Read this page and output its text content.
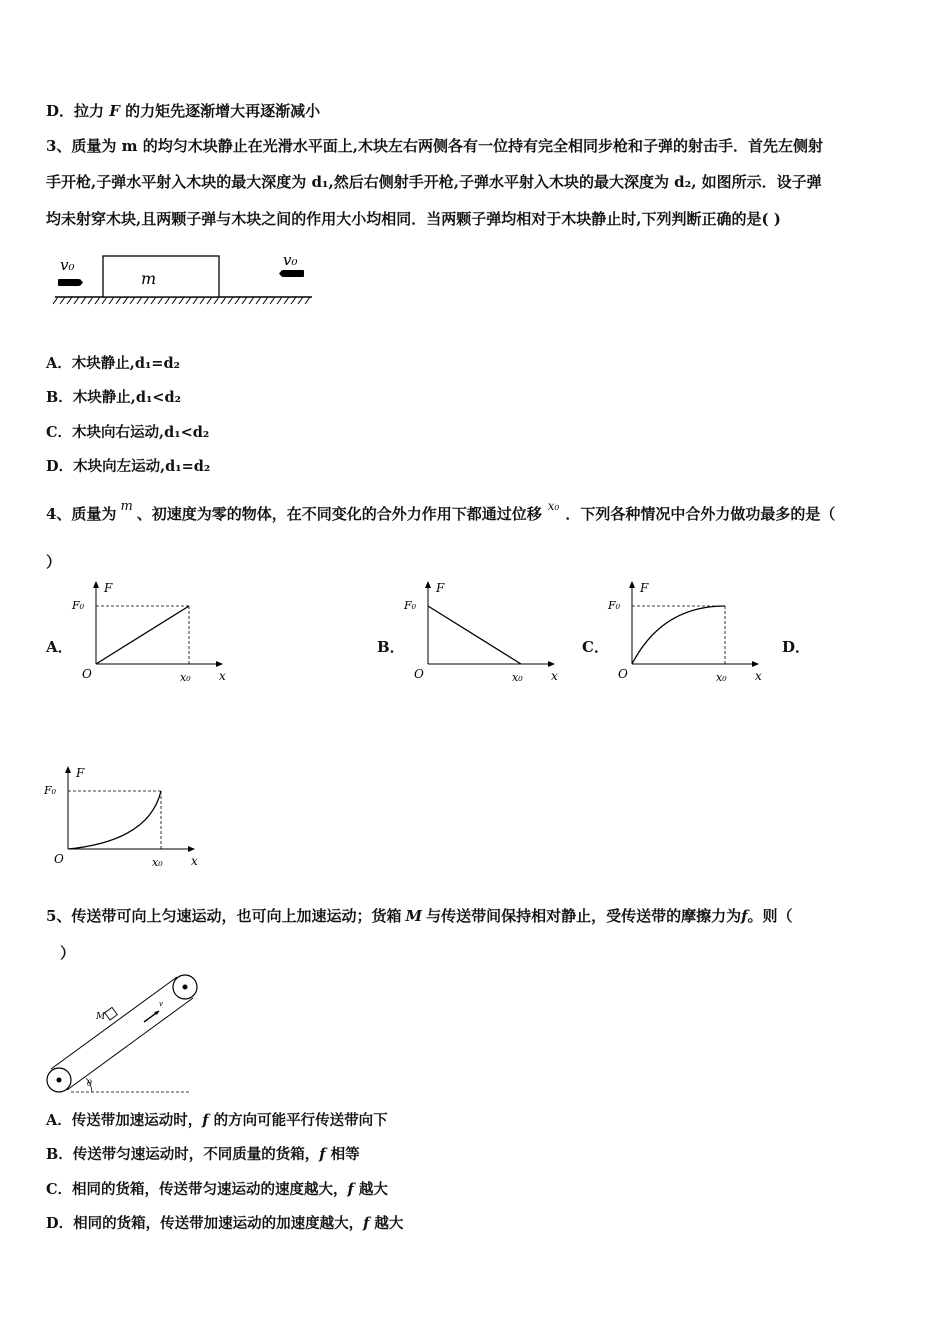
D．拉力 F 的力矩先逐渐增大再逐渐减小
3、质量为 m 的均匀木块静止在光滑水平面上,木块左右两侧各有一位持有完全相同步枪和子弹的射击手．首先左侧射
手开枪,子弹水平射入木块的最大深度为 d₁,然后右侧射手开枪,子弹水平射入木块的最大深度为 d₂, 如图所示．设子弹
均未射穿木块,且两颗子弹与木块之间的作用大小均相同．当两颗子弹均相对于木块静止时,下列判断正确的是( )
m
v₀	v₀
A．木块静止,d₁=d₂
B．木块静止,d₁<d₂
C．木块向右运动,d₁<d₂
D．木块向左运动,d₁=d₂
4、质量为 m 、初速度为零的物体，在不同变化的合外力作用下都通过位移 $^{x_0}$ ．下列各种情况中合外力做功最多的是（
）
A．	B．	C．	D．
F
x
O	x₀
F₀
F
x
O	x₀
F₀
F
x
O	x₀
F₀
F
x
O	x₀
F₀
5、传送带可向上匀速运动，也可向上加速运动；货箱 M 与传送带间保持相对静止，受传送带的摩擦力为f。则（
）
θ
M
v
A．传送带加速运动时，f 的方向可能平行传送带向下
B．传送带匀速运动时，不同质量的货箱，f 相等
C．相同的货箱，传送带匀速运动的速度越大，f 越大
D．相同的货箱，传送带加速运动的加速度越大，f 越大
